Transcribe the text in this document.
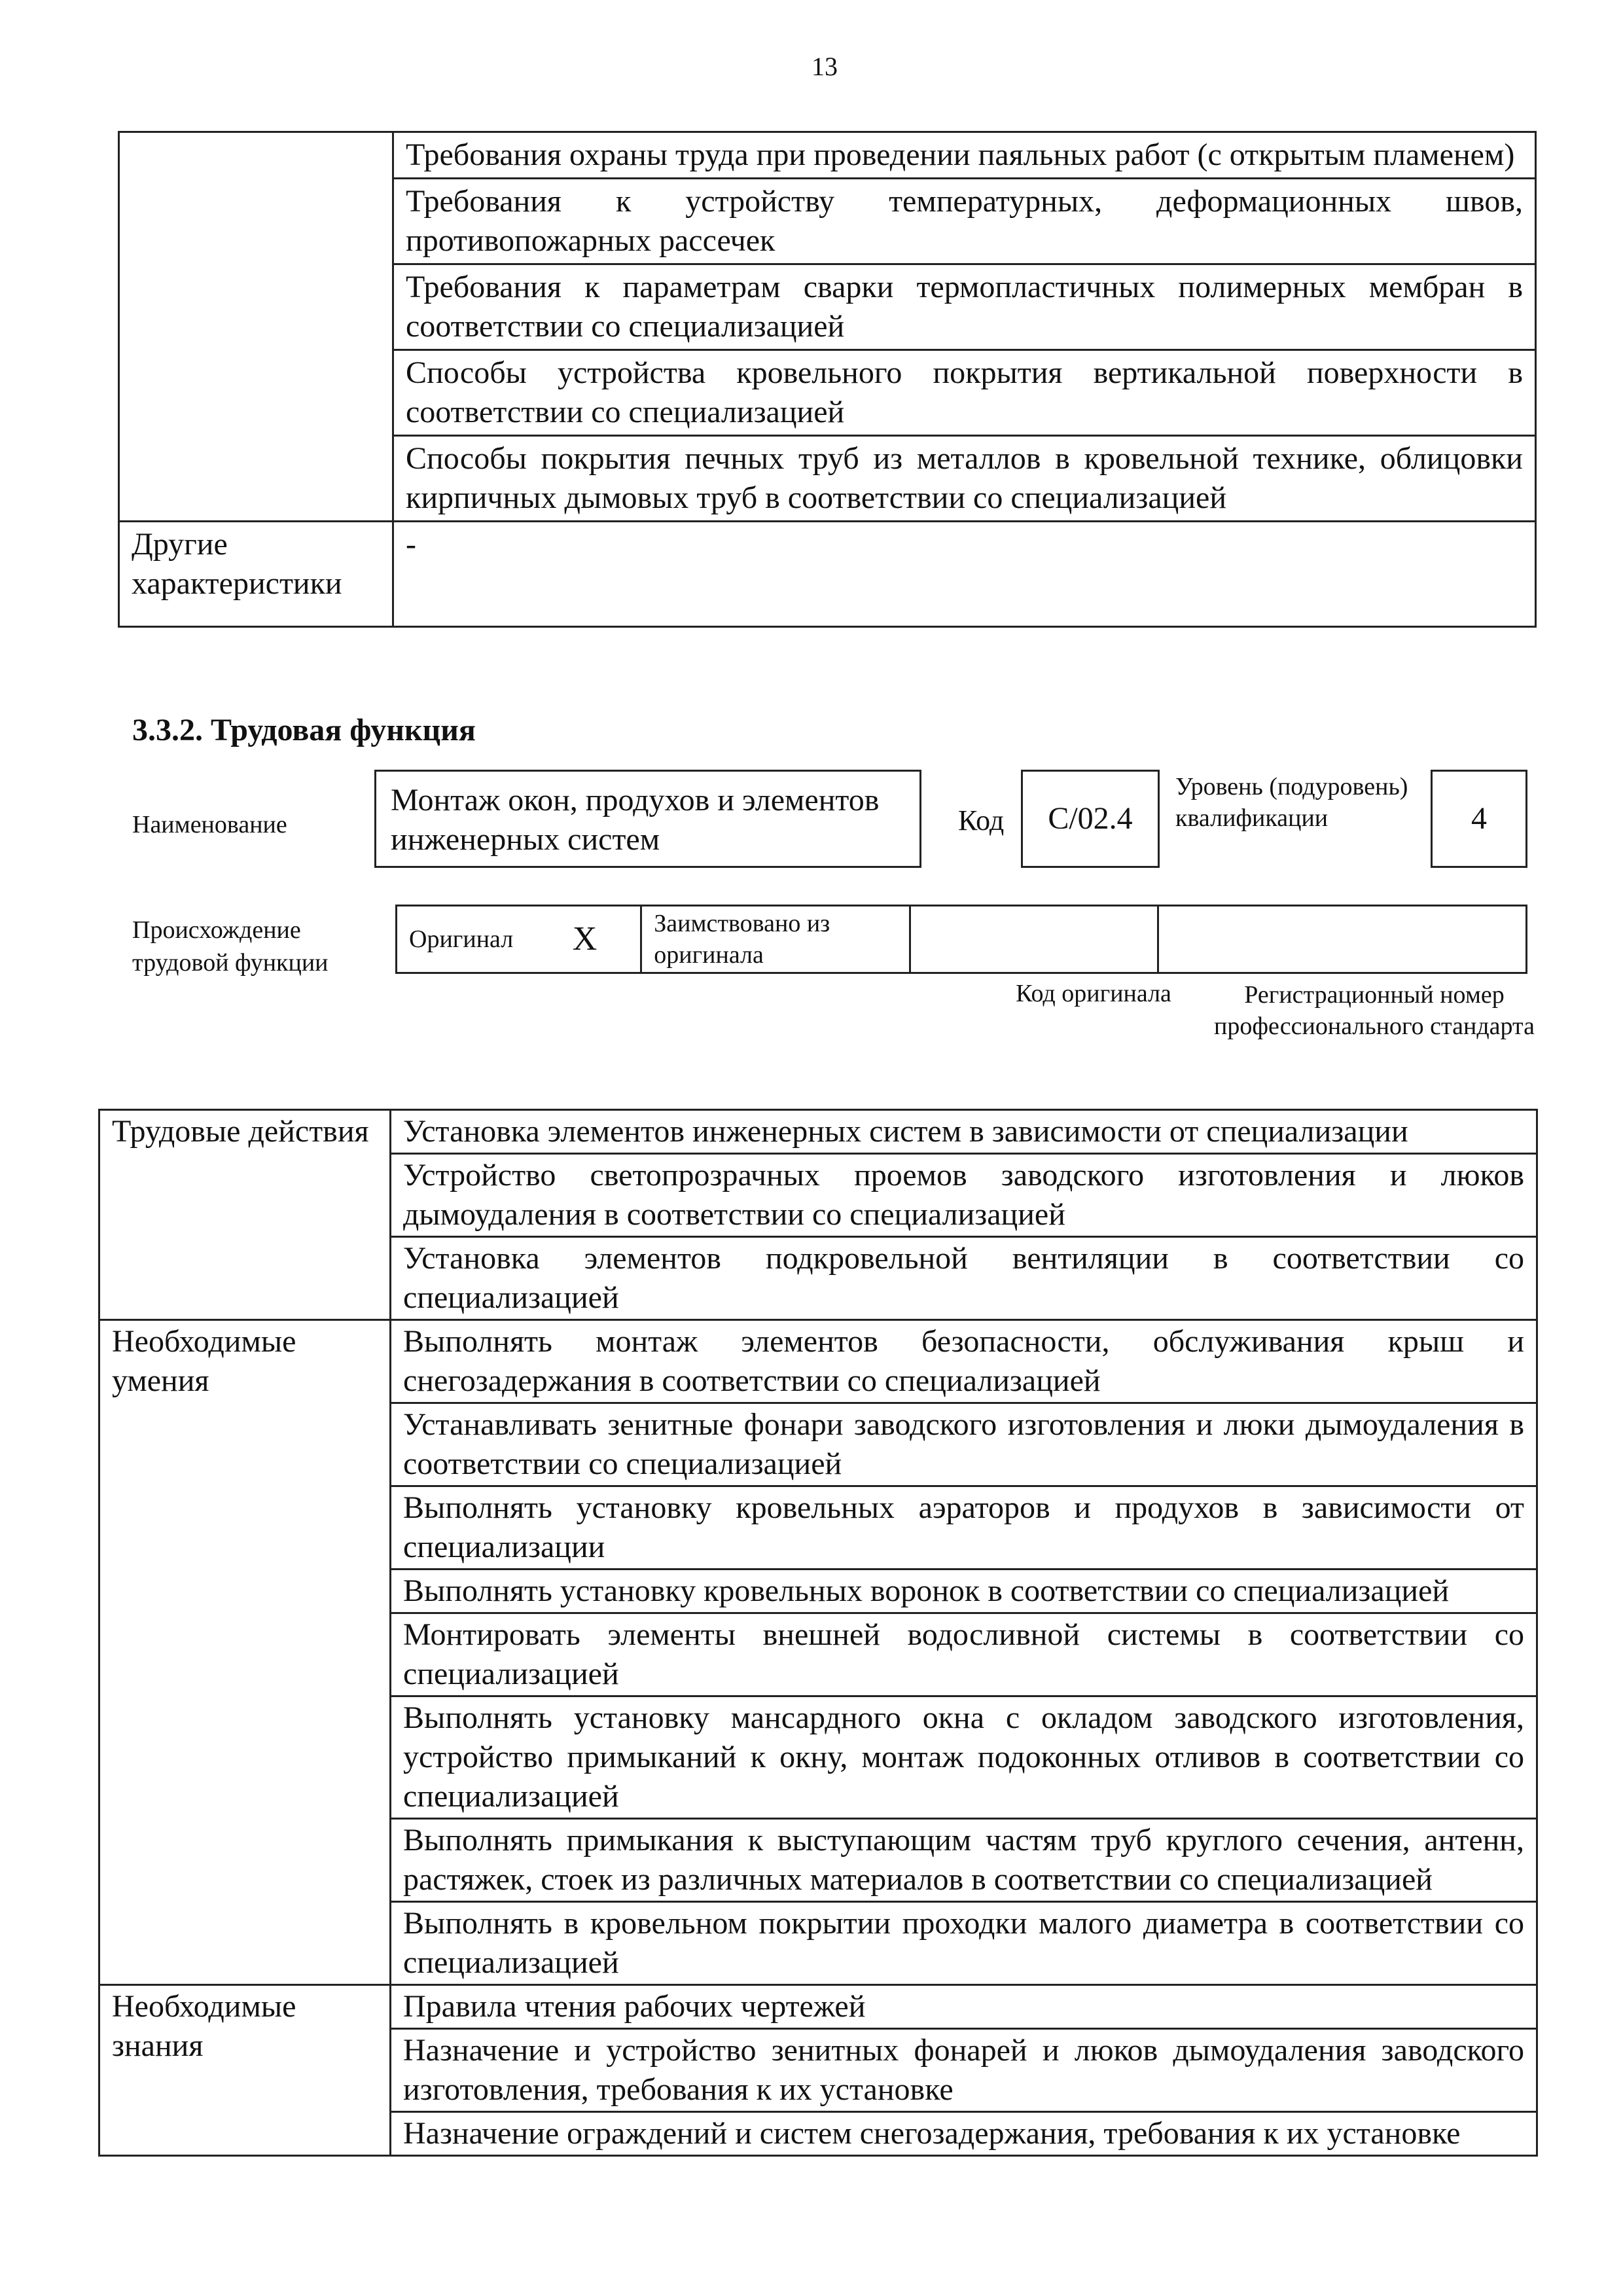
13
	Требования охраны труда при проведении паяльных работ (с открытым пламенем)
	Требования к устройству температурных, деформационных швов, противопожарных рассечек
	Требования к параметрам сварки термопластичных полимерных мембран в соответствии со специализацией
	Способы устройства кровельного покрытия вертикальной поверхности в соответствии со специализацией
	Способы покрытия печных труб из металлов в кровельной технике, облицовки кирпичных дымовых труб в соответствии со специализацией
Другие характеристики	-
3.3.2. Трудовая функция
Наименование
Монтаж окон, продухов и элементов инженерных систем
Код	C/02.4
Уровень (подуровень) квалификации	4
Происхождение трудовой функции
Оригинал	X	Заимствовано из оригинала		
Код оригинала	Регистрационный номер профессионального стандарта
Трудовые действия	Установка элементов инженерных систем в зависимости от специализации
	Устройство светопрозрачных проемов заводского изготовления и люков дымоудаления в соответствии со специализацией
	Установка элементов подкровельной вентиляции в соответствии со специализацией
Необходимые умения	Выполнять монтаж элементов безопасности, обслуживания крыш и снегозадержания в соответствии со специализацией
	Устанавливать зенитные фонари заводского изготовления и люки дымоудаления в соответствии со специализацией
	Выполнять установку кровельных аэраторов и продухов в зависимости от специализации
	Выполнять установку кровельных воронок в соответствии со специализацией
	Монтировать элементы внешней водосливной системы в соответствии со специализацией
	Выполнять установку мансардного окна с окладом заводского изготовления, устройство примыканий к окну, монтаж подоконных отливов в соответствии со специализацией
	Выполнять примыкания к выступающим частям труб круглого сечения, антенн, растяжек, стоек из различных материалов в соответствии со специализацией
	Выполнять в кровельном покрытии проходки малого диаметра в соответствии со специализацией
Необходимые знания	Правила чтения рабочих чертежей
	Назначение и устройство зенитных фонарей и люков дымоудаления заводского изготовления, требования к их установке
	Назначение ограждений и систем снегозадержания, требования к их установке
